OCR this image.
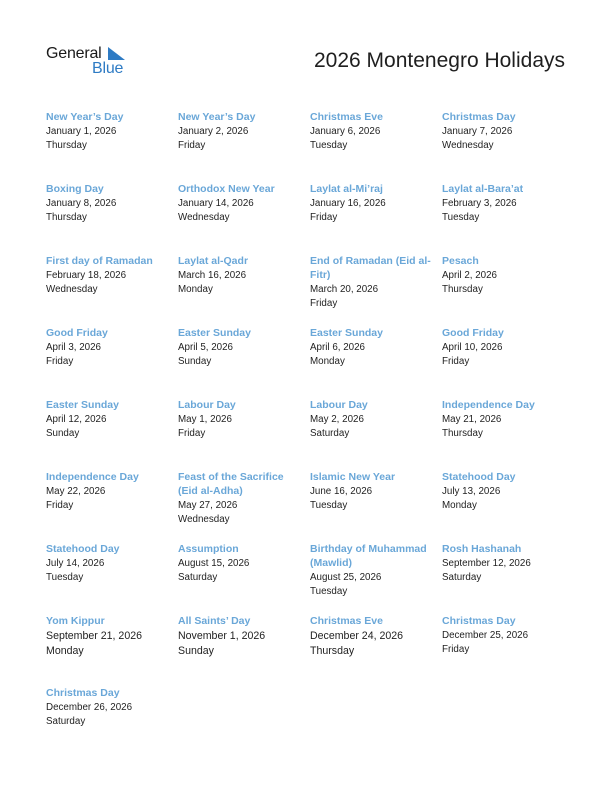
General
Blue	2026 Montenegro Holidays
New Year’s Day
January 1, 2026
Thursday
New Year’s Day
January 2, 2026
Friday
Christmas Eve
January 6, 2026
Tuesday
Christmas Day
January 7, 2026
Wednesday
Boxing Day
January 8, 2026
Thursday
Orthodox New Year
January 14, 2026
Wednesday
Laylat al-Mi’raj
January 16, 2026
Friday
Laylat al-Bara’at
February 3, 2026
Tuesday
First day of Ramadan
February 18, 2026
Wednesday
Laylat al-Qadr
March 16, 2026
Monday
End of Ramadan (Eid al-Fitr)
March 20, 2026
Friday
Pesach
April 2, 2026
Thursday
Good Friday
April 3, 2026
Friday
Easter Sunday
April 5, 2026
Sunday
Easter Sunday
April 6, 2026
Monday
Good Friday
April 10, 2026
Friday
Easter Sunday
April 12, 2026
Sunday
Labour Day
May 1, 2026
Friday
Labour Day
May 2, 2026
Saturday
Independence Day
May 21, 2026
Thursday
Independence Day
May 22, 2026
Friday
Feast of the Sacrifice (Eid al-Adha)
May 27, 2026
Wednesday
Islamic New Year
June 16, 2026
Tuesday
Statehood Day
July 13, 2026
Monday
Statehood Day
July 14, 2026
Tuesday
Assumption
August 15, 2026
Saturday
Birthday of Muhammad (Mawlid)
August 25, 2026
Tuesday
Rosh Hashanah
September 12, 2026
Saturday
Yom Kippur
September 21, 2026
Monday
All Saints’ Day
November 1, 2026
Sunday
Christmas Eve
December 24, 2026
Thursday
Christmas Day
December 25, 2026
Friday
Christmas Day
December 26, 2026
Saturday
